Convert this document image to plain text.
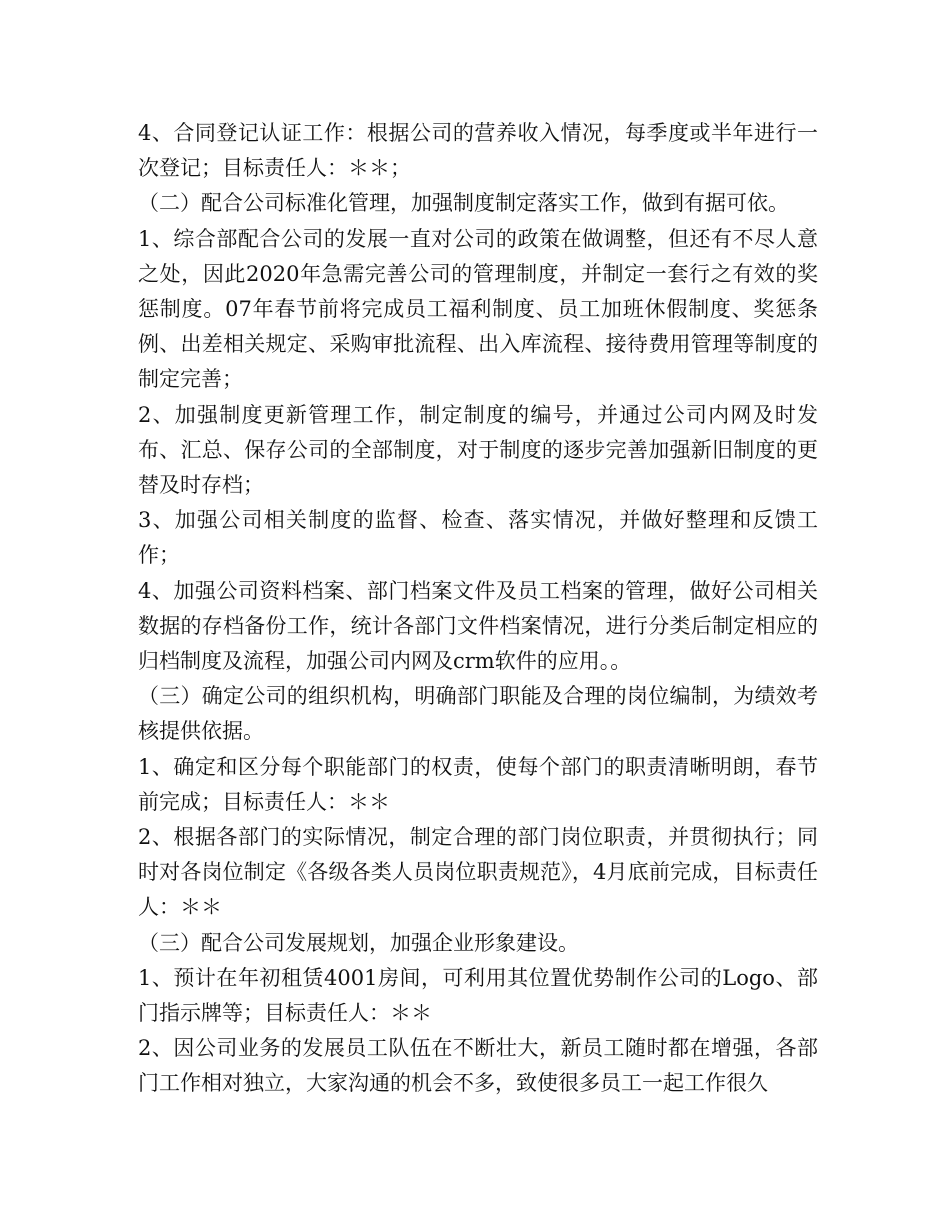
4、合同登记认证工作：根据公司的营养收入情况，每季度或半年进行一次登记；目标责任人：＊＊；

（二）配合公司标准化管理，加强制度制定落实工作，做到有据可依。

1、综合部配合公司的发展一直对公司的政策在做调整，但还有不尽人意之处，因此2020年急需完善公司的管理制度，并制定一套行之有效的奖惩制度。07年春节前将完成员工福利制度、员工加班休假制度、奖惩条例、出差相关规定、采购审批流程、出入库流程、接待费用管理等制度的制定完善；

2、加强制度更新管理工作，制定制度的编号，并通过公司内网及时发布、汇总、保存公司的全部制度，对于制度的逐步完善加强新旧制度的更替及时存档；

3、加强公司相关制度的监督、检查、落实情况，并做好整理和反馈工作；

4、加强公司资料档案、部门档案文件及员工档案的管理，做好公司相关数据的存档备份工作，统计各部门文件档案情况，进行分类后制定相应的归档制度及流程，加强公司内网及crm软件的应用。。

（三）确定公司的组织机构，明确部门职能及合理的岗位编制，为绩效考核提供依据。

1、确定和区分每个职能部门的权责，使每个部门的职责清晰明朗，春节前完成；目标责任人：＊＊

2、根据各部门的实际情况，制定合理的部门岗位职责，并贯彻执行；同时对各岗位制定《各级各类人员岗位职责规范》，4月底前完成，目标责任人：＊＊

（三）配合公司发展规划，加强企业形象建设。

1、预计在年初租赁4001房间，可利用其位置优势制作公司的Logo、部门指示牌等；目标责任人：＊＊

2、因公司业务的发展员工队伍在不断壮大，新员工随时都在增强，各部门工作相对独立，大家沟通的机会不多，致使很多员工一起工作很久
